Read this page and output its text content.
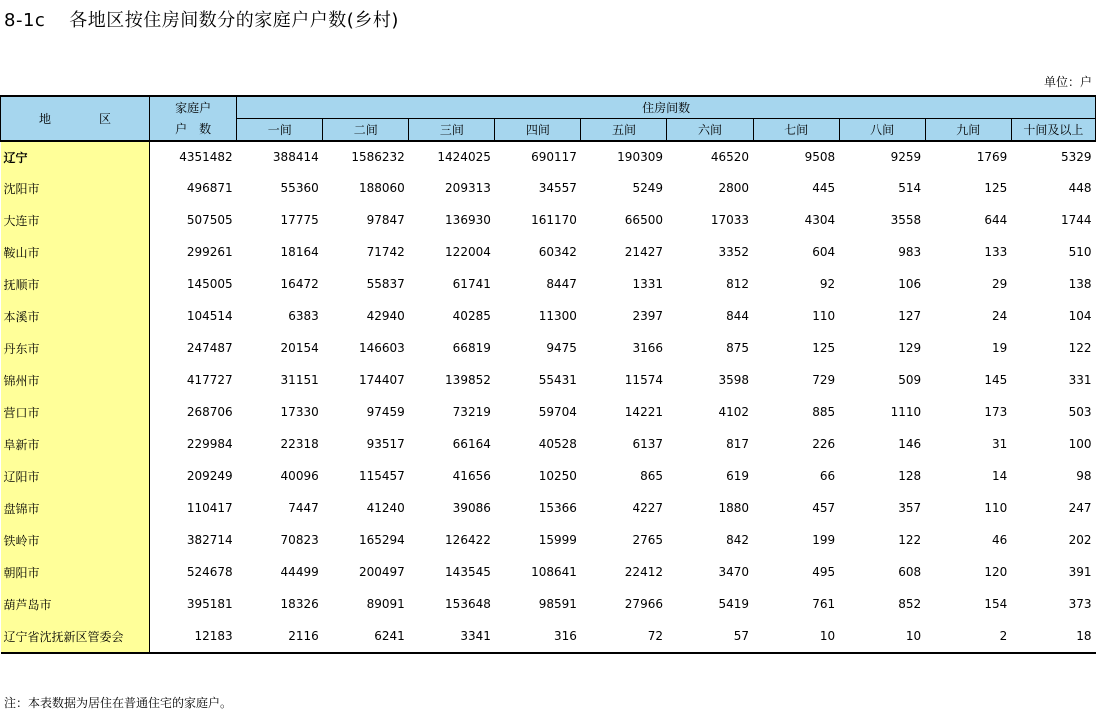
8-1c 各地区按住房间数分的家庭户户数(乡村)
单位：户
地　区	家庭户	住房间数									
	户　数	一间	二间	三间	四间	五间	六间	七间	八间	九间	十间及以上
辽宁	4351482	388414	1586232	1424025	690117	190309	46520	9508	9259	1769	5329
沈阳市	496871	55360	188060	209313	34557	5249	2800	445	514	125	448
大连市	507505	17775	97847	136930	161170	66500	17033	4304	3558	644	1744
鞍山市	299261	18164	71742	122004	60342	21427	3352	604	983	133	510
抚顺市	145005	16472	55837	61741	8447	1331	812	92	106	29	138
本溪市	104514	6383	42940	40285	11300	2397	844	110	127	24	104
丹东市	247487	20154	146603	66819	9475	3166	875	125	129	19	122
锦州市	417727	31151	174407	139852	55431	11574	3598	729	509	145	331
营口市	268706	17330	97459	73219	59704	14221	4102	885	1110	173	503
阜新市	229984	22318	93517	66164	40528	6137	817	226	146	31	100
辽阳市	209249	40096	115457	41656	10250	865	619	66	128	14	98
盘锦市	110417	7447	41240	39086	15366	4227	1880	457	357	110	247
铁岭市	382714	70823	165294	126422	15999	2765	842	199	122	46	202
朝阳市	524678	44499	200497	143545	108641	22412	3470	495	608	120	391
葫芦岛市	395181	18326	89091	153648	98591	27966	5419	761	852	154	373
辽宁省沈抚新区管委会	12183	2116	6241	3341	316	72	57	10	10	2	18
注：本表数据为居住在普通住宅的家庭户。
